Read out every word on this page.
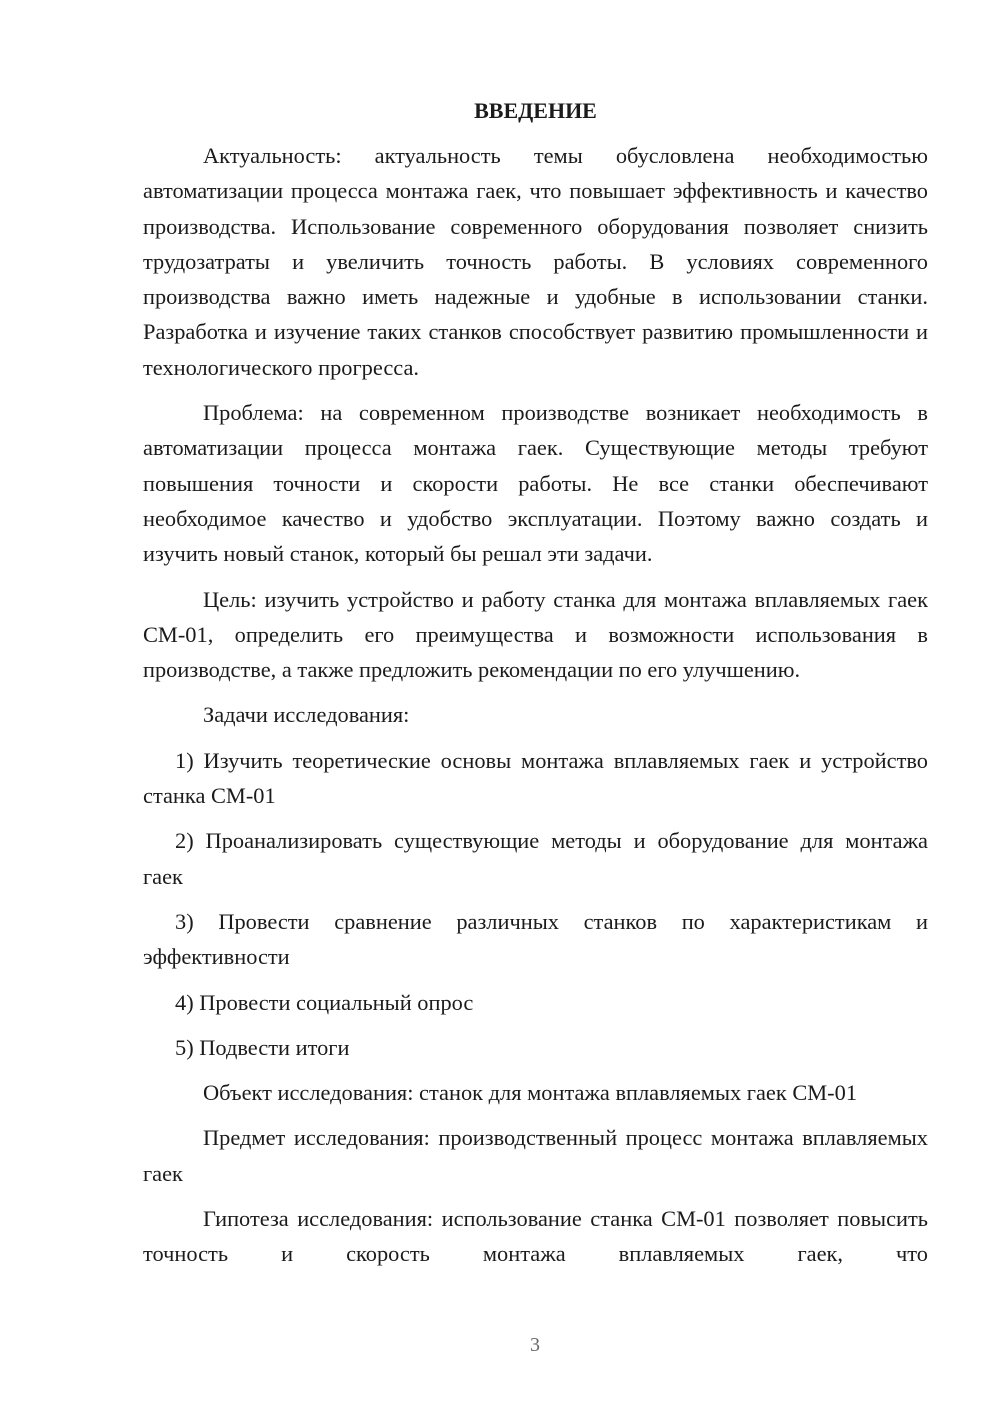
ВВЕДЕНИЕ

Актуальность: актуальность темы обусловлена необходимостью автоматизации процесса монтажа гаек, что повышает эффективность и качество производства. Использование современного оборудования позволяет снизить трудозатраты и увеличить точность работы. В условиях современного производства важно иметь надежные и удобные в использовании станки. Разработка и изучение таких станков способствует развитию промышленности и технологического прогресса.

Проблема: на современном производстве возникает необходимость в автоматизации процесса монтажа гаек. Существующие методы требуют повышения точности и скорости работы. Не все станки обеспечивают необходимое качество и удобство эксплуатации. Поэтому важно создать и изучить новый станок, который бы решал эти задачи.

Цель: изучить устройство и работу станка для монтажа вплавляемых гаек СМ-01, определить его преимущества и возможности использования в производстве, а также предложить рекомендации по его улучшению.

Задачи исследования:

1) Изучить теоретические основы монтажа вплавляемых гаек и устройство станка СМ-01

2) Проанализировать существующие методы и оборудование для монтажа гаек

3) Провести сравнение различных станков по характеристикам и эффективности

4) Провести социальный опрос

5) Подвести итоги

Объект исследования: станок для монтажа вплавляемых гаек СМ-01

Предмет исследования: производственный процесс монтажа вплавляемых гаек

Гипотеза исследования: использование станка СМ-01 позволяет повысить точность и скорость монтажа вплавляемых гаек, что

3
